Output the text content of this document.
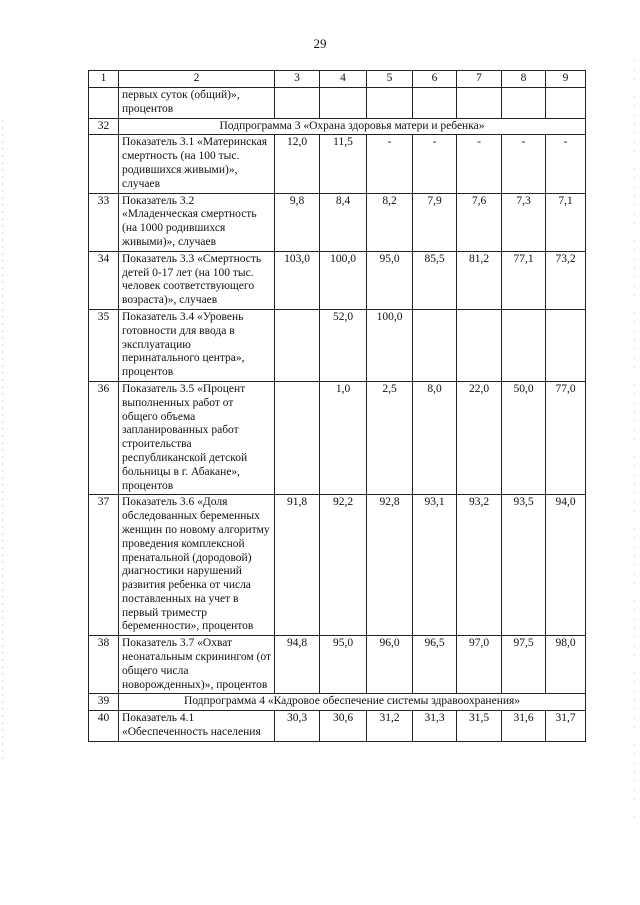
29
1	2	3	4	5	6	7	8	9
	первых суток (общий)», процентов							
32	Подпрограмма 3 «Охрана здоровья матери и ребенка»							
	Показатель 3.1 «Материнская смертность (на 100 тыс. родившихся живыми)», случаев	12,0	11,5	-	-	-	-	-
33	Показатель 3.2 «Младенческая смертность (на 1000 родившихся живыми)», случаев	9,8	8,4	8,2	7,9	7,6	7,3	7,1
34	Показатель 3.3 «Смертность детей 0-17 лет (на 100 тыс. человек соответствующего возраста)», случаев	103,0	100,0	95,0	85,5	81,2	77,1	73,2
35	Показатель 3.4 «Уровень готовности для ввода в эксплуатацию перинатального центра», процентов		52,0	100,0				
36	Показатель 3.5 «Процент выполненных работ от общего объема запланированных работ строительства республиканской детской больницы в г. Абакане», процентов		1,0	2,5	8,0	22,0	50,0	77,0
37	Показатель 3.6 «Доля обследованных беременных женщин по новому алгоритму проведения комплексной пренатальной (дородовой) диагностики нарушений развития ребенка от числа поставленных на учет в первый триместр беременности», процентов	91,8	92,2	92,8	93,1	93,2	93,5	94,0
38	Показатель 3.7 «Охват неонатальным скринингом (от общего числа новорожденных)», процентов	94,8	95,0	96,0	96,5	97,0	97,5	98,0
39	Подпрограмма 4 «Кадровое обеспечение системы здравоохранения»							
40	Показатель 4.1 «Обеспеченность населения	30,3	30,6	31,2	31,3	31,5	31,6	31,7
